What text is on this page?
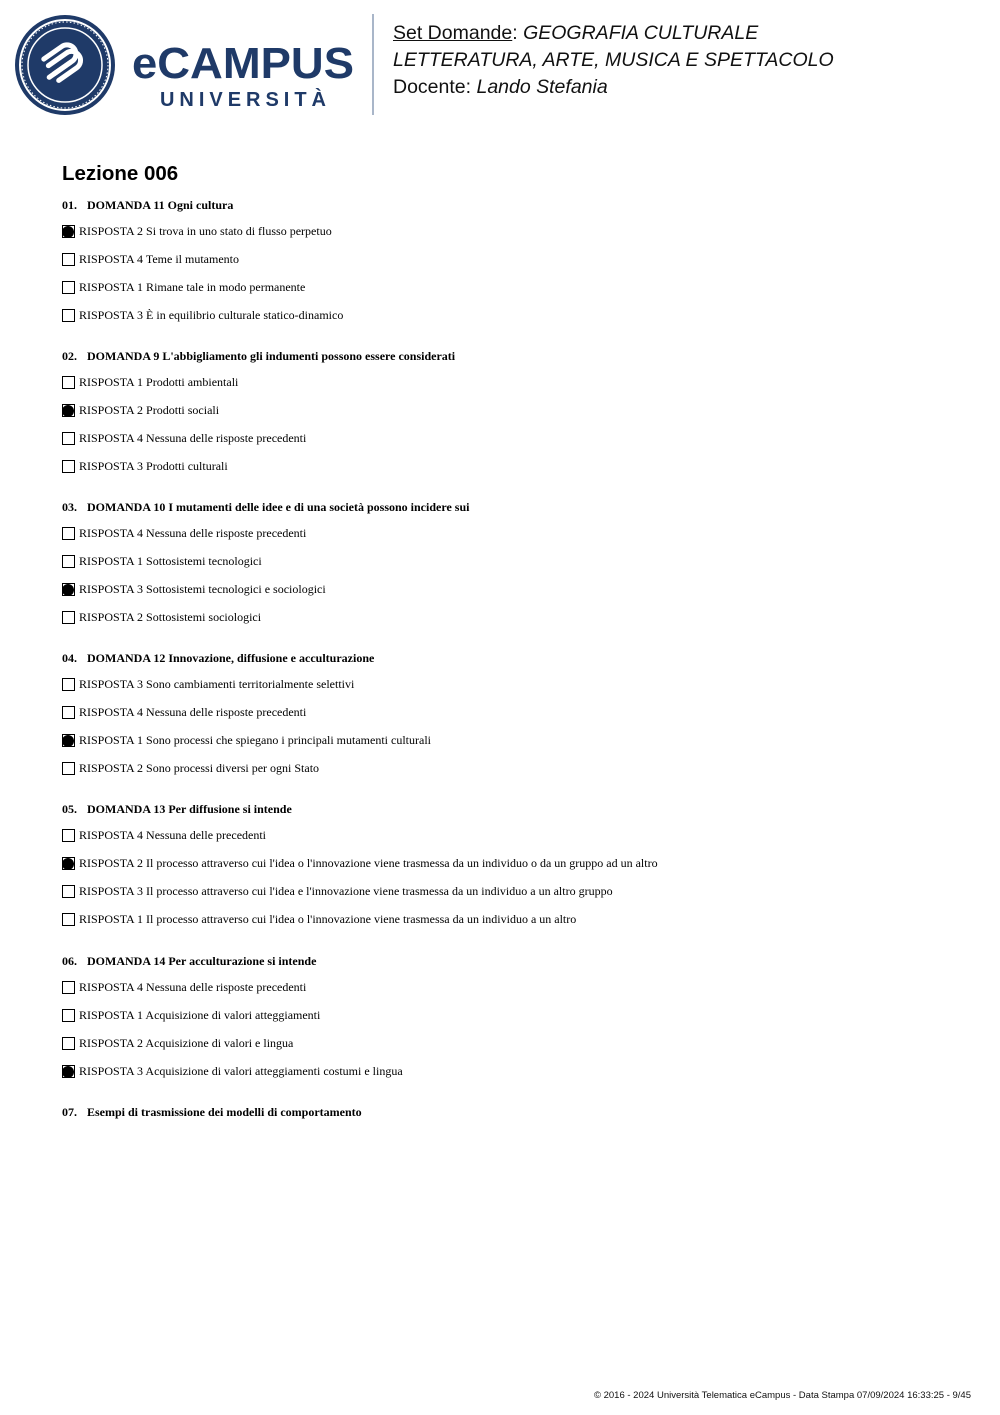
eCAMPUS
UNIVERSITÀ
Set Domande: GEOGRAFIA CULTURALE
LETTERATURA, ARTE, MUSICA E SPETTACOLO
Docente: Lando Stefania
Lezione 006

01. DOMANDA 11 Ogni cultura

RISPOSTA 2 Si trova in uno stato di flusso perpetuo
RISPOSTA 4 Teme il mutamento
RISPOSTA 1 Rimane tale in modo permanente
RISPOSTA 3 È in equilibrio culturale statico-dinamico

02. DOMANDA 9 L'abbigliamento gli indumenti possono essere considerati

RISPOSTA 1 Prodotti ambientali
RISPOSTA 2 Prodotti sociali
RISPOSTA 4 Nessuna delle risposte precedenti
RISPOSTA 3 Prodotti culturali

03. DOMANDA 10 I mutamenti delle idee e di una società possono incidere sui

RISPOSTA 4 Nessuna delle risposte precedenti
RISPOSTA 1 Sottosistemi tecnologici
RISPOSTA 3 Sottosistemi tecnologici e sociologici
RISPOSTA 2 Sottosistemi sociologici

04. DOMANDA 12 Innovazione, diffusione e acculturazione

RISPOSTA 3 Sono cambiamenti territorialmente selettivi
RISPOSTA 4 Nessuna delle risposte precedenti
RISPOSTA 1 Sono processi che spiegano i principali mutamenti culturali
RISPOSTA 2 Sono processi diversi per ogni Stato

05. DOMANDA 13 Per diffusione si intende

RISPOSTA 4 Nessuna delle precedenti
RISPOSTA 2 Il processo attraverso cui l'idea o l'innovazione viene trasmessa da un individuo o da un gruppo ad un altro
RISPOSTA 3 Il processo attraverso cui l'idea e l'innovazione viene trasmessa da un individuo a un altro gruppo
RISPOSTA 1 Il processo attraverso cui l'idea o l'innovazione viene trasmessa da un individuo a un altro

06. DOMANDA 14 Per acculturazione si intende

RISPOSTA 4 Nessuna delle risposte precedenti
RISPOSTA 1 Acquisizione di valori atteggiamenti
RISPOSTA 2 Acquisizione di valori e lingua
RISPOSTA 3 Acquisizione di valori atteggiamenti costumi e lingua

07. Esempi di trasmissione dei modelli di comportamento

© 2016 - 2024 Università Telematica eCampus - Data Stampa 07/09/2024 16:33:25 - 9/45
